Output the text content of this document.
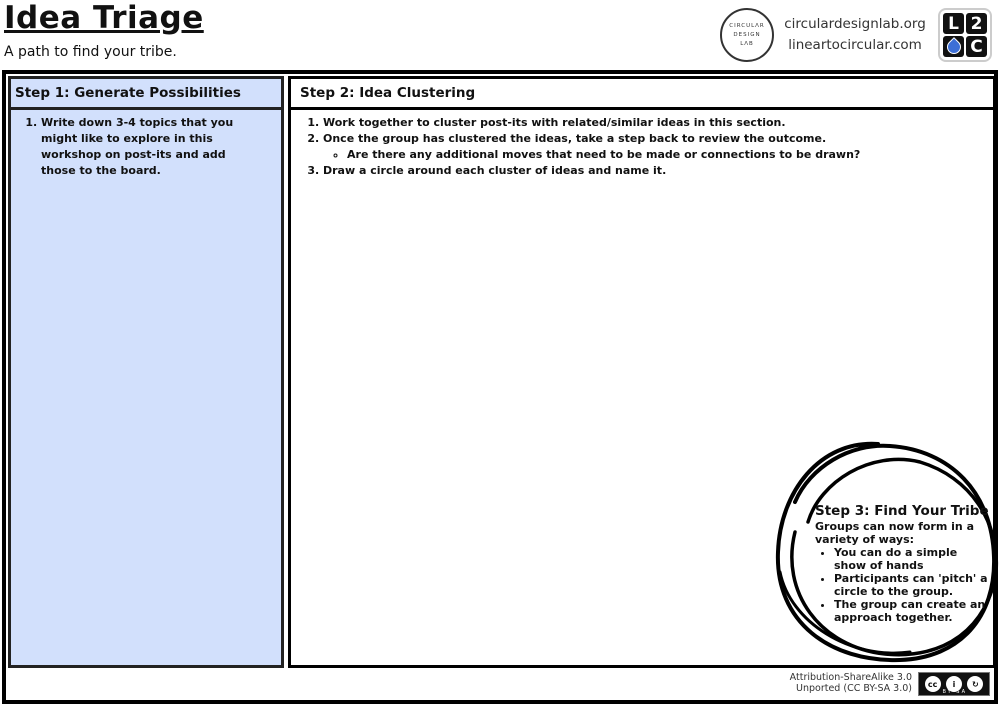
Idea Triage
A path to find your tribe.
CIRCULΛR
DESIGN
LΛB
circulardesignlab.org
lineartocircular.com
L 2
C
Step 1: Generate Possibilities
1. Write down 3-4 topics that you might like to explore in this workshop on post-its and add those to the board.
Step 2: Idea Clustering
1. Work together to cluster post-its with related/similar ideas in this section.
2. Once the group has clustered the ideas, take a step back to review the outcome.
◦ Are there any additional moves that need to be made or connections to be drawn?
3. Draw a circle around each cluster of ideas and name it.
Attribution-ShareAlike 3.0
Unported (CC BY-SA 3.0)	cc	i	↻
BY SA
Step 3: Find Your Tribe
Groups can now form in a variety of ways:
• You can do a simple show of hands
• Participants can 'pitch' a circle to the group.
• The group can create an approach together.
